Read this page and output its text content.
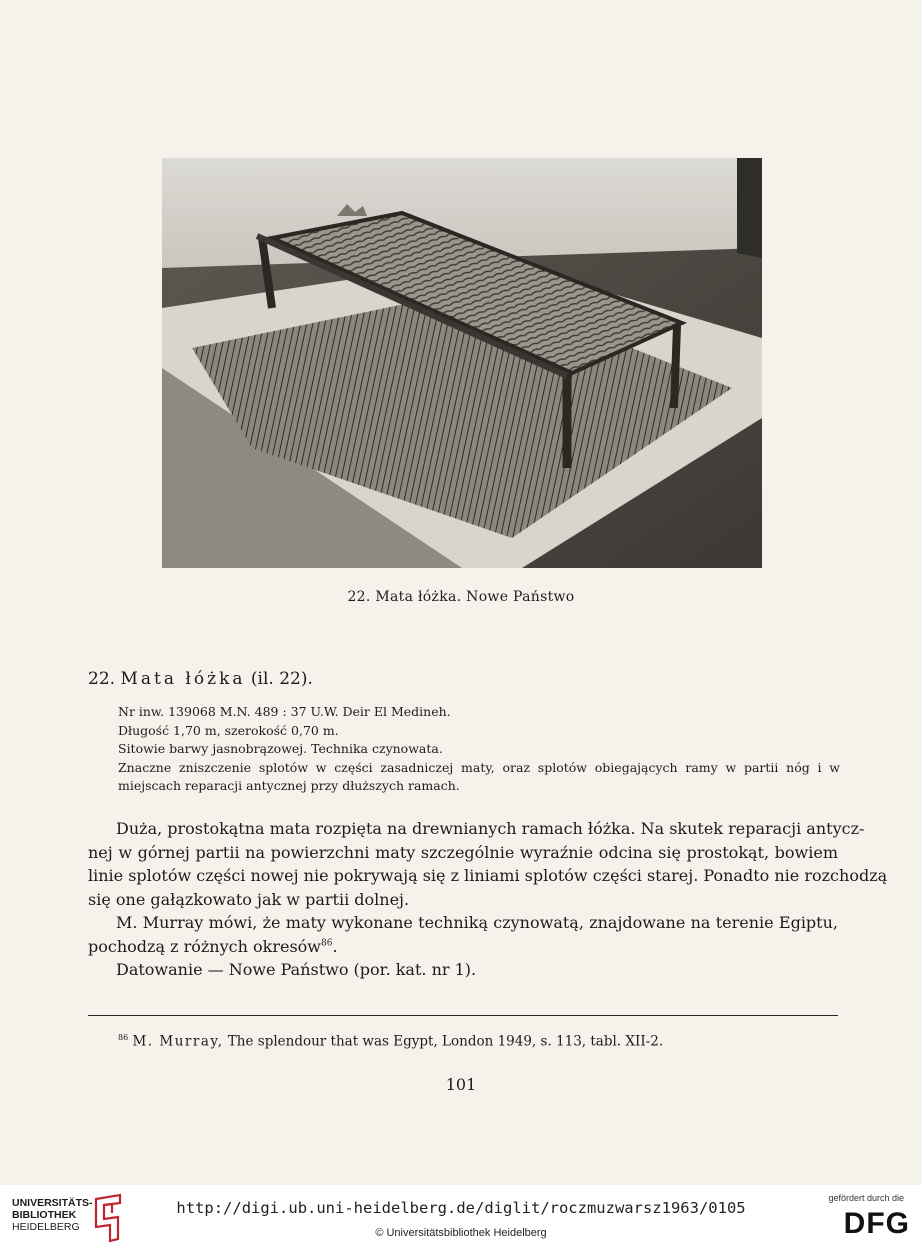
22. Mata łóżka. Nowe Państwo
22. Mata łóżka (il. 22).
Nr inw. 139068 M.N. 489 : 37 U.W. Deir El Medineh.
Długość 1,70 m, szerokość 0,70 m.
Sitowie barwy jasnobrązowej. Technika czynowata.
Znaczne zniszczenie splotów w części zasadniczej maty, oraz splotów obiegających ramy w partii nóg i w
miejscach reparacji antycznej przy dłuższych ramach.
Duża, prostokątna mata rozpięta na drewnianych ramach łóżka. Na skutek reparacji antycz-
nej w górnej partii na powierzchni maty szczególnie wyraźnie odcina się prostokąt, bowiem
linie splotów części nowej nie pokrywają się z liniami splotów części starej. Ponadto nie rozchodzą
się one gałązkowato jak w partii dolnej.
M. Murray mówi, że maty wykonane techniką czynowatą, znajdowane na terenie Egiptu,
pochodzą z różnych okresów$^{86}$.
Datowanie — Nowe Państwo (por. kat. nr 1).
$^{86}$ M. Murray, The splendour that was Egypt, London 1949, s. 113, tabl. XII-2.
101
UNIVERSITÄTS-
BIBLIOTHEK
HEIDELBERG
http://digi.ub.uni-heidelberg.de/diglit/roczmuzwarsz1963/0105
© Universitätsbibliothek Heidelberg
gefördert durch die
DFG
